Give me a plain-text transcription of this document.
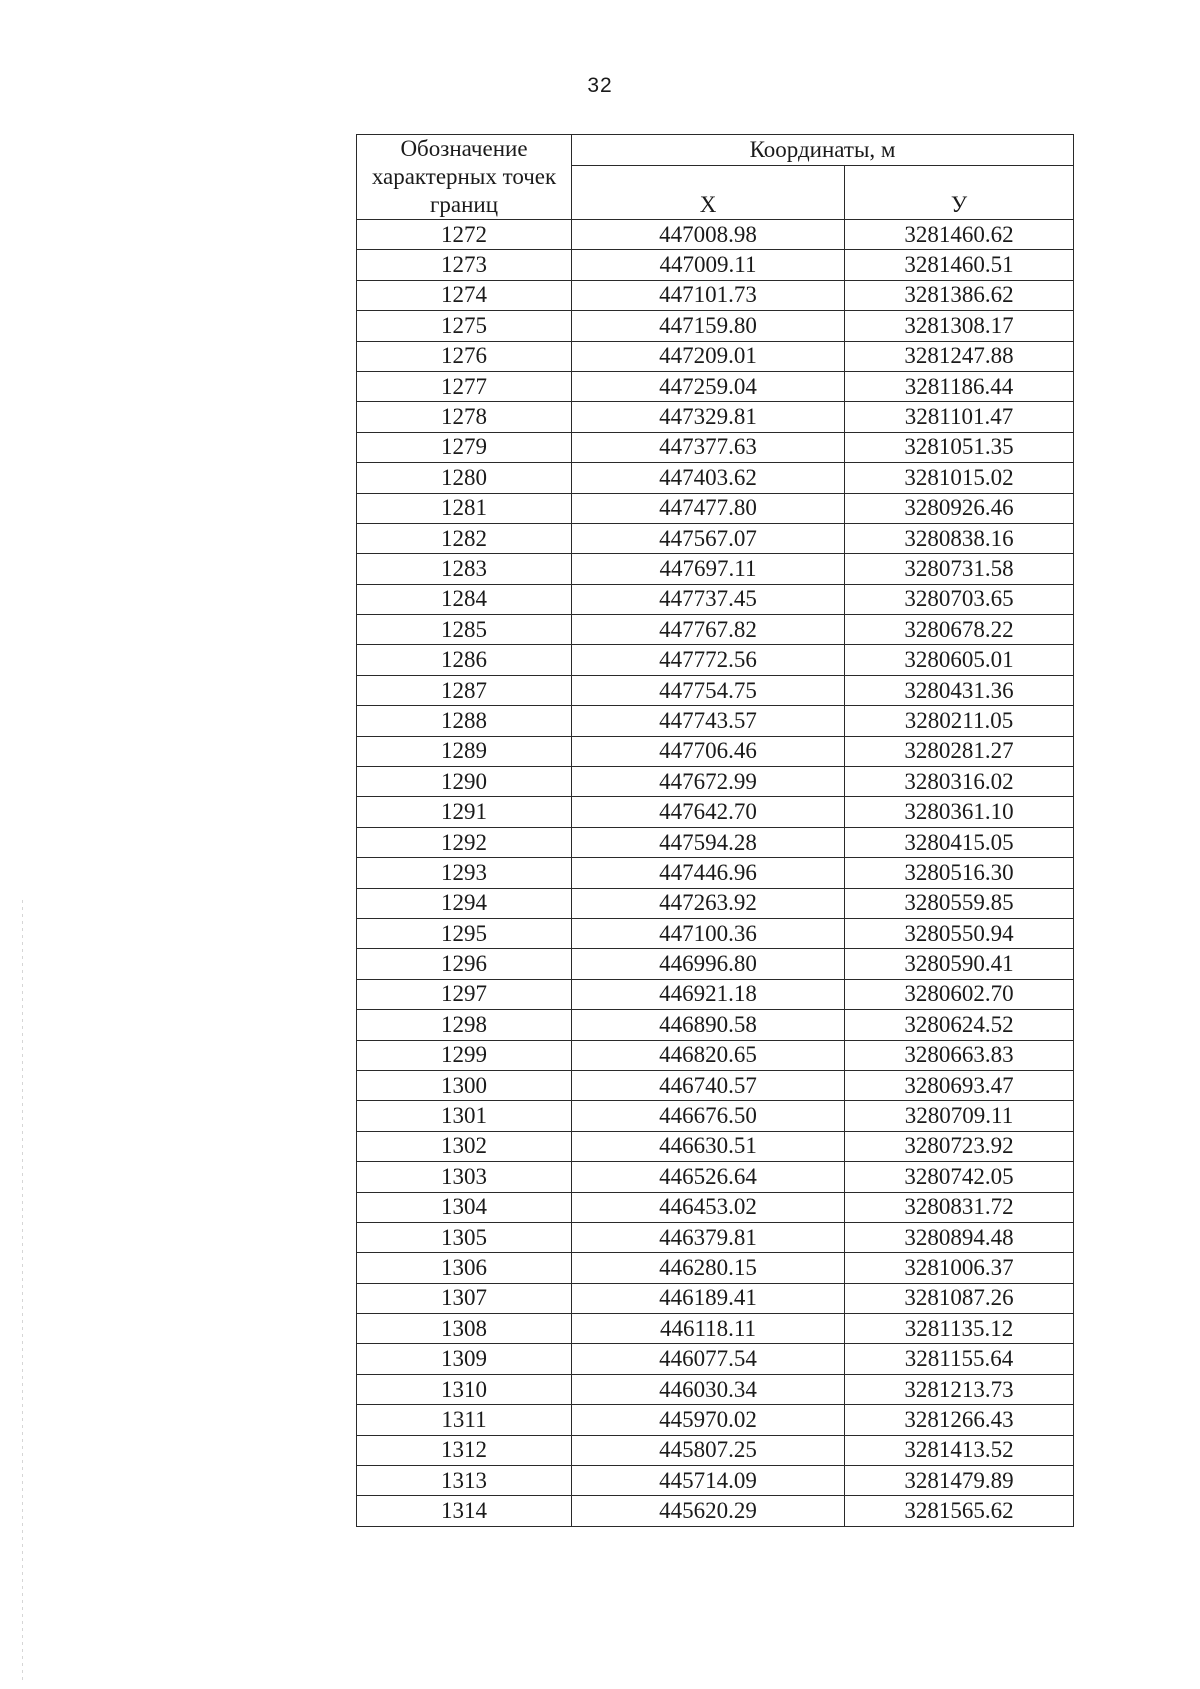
32
Обозначение характерных точек границ	Координаты, м	
	X	У
1272	447008.98	3281460.62
1273	447009.11	3281460.51
1274	447101.73	3281386.62
1275	447159.80	3281308.17
1276	447209.01	3281247.88
1277	447259.04	3281186.44
1278	447329.81	3281101.47
1279	447377.63	3281051.35
1280	447403.62	3281015.02
1281	447477.80	3280926.46
1282	447567.07	3280838.16
1283	447697.11	3280731.58
1284	447737.45	3280703.65
1285	447767.82	3280678.22
1286	447772.56	3280605.01
1287	447754.75	3280431.36
1288	447743.57	3280211.05
1289	447706.46	3280281.27
1290	447672.99	3280316.02
1291	447642.70	3280361.10
1292	447594.28	3280415.05
1293	447446.96	3280516.30
1294	447263.92	3280559.85
1295	447100.36	3280550.94
1296	446996.80	3280590.41
1297	446921.18	3280602.70
1298	446890.58	3280624.52
1299	446820.65	3280663.83
1300	446740.57	3280693.47
1301	446676.50	3280709.11
1302	446630.51	3280723.92
1303	446526.64	3280742.05
1304	446453.02	3280831.72
1305	446379.81	3280894.48
1306	446280.15	3281006.37
1307	446189.41	3281087.26
1308	446118.11	3281135.12
1309	446077.54	3281155.64
1310	446030.34	3281213.73
1311	445970.02	3281266.43
1312	445807.25	3281413.52
1313	445714.09	3281479.89
1314	445620.29	3281565.62
